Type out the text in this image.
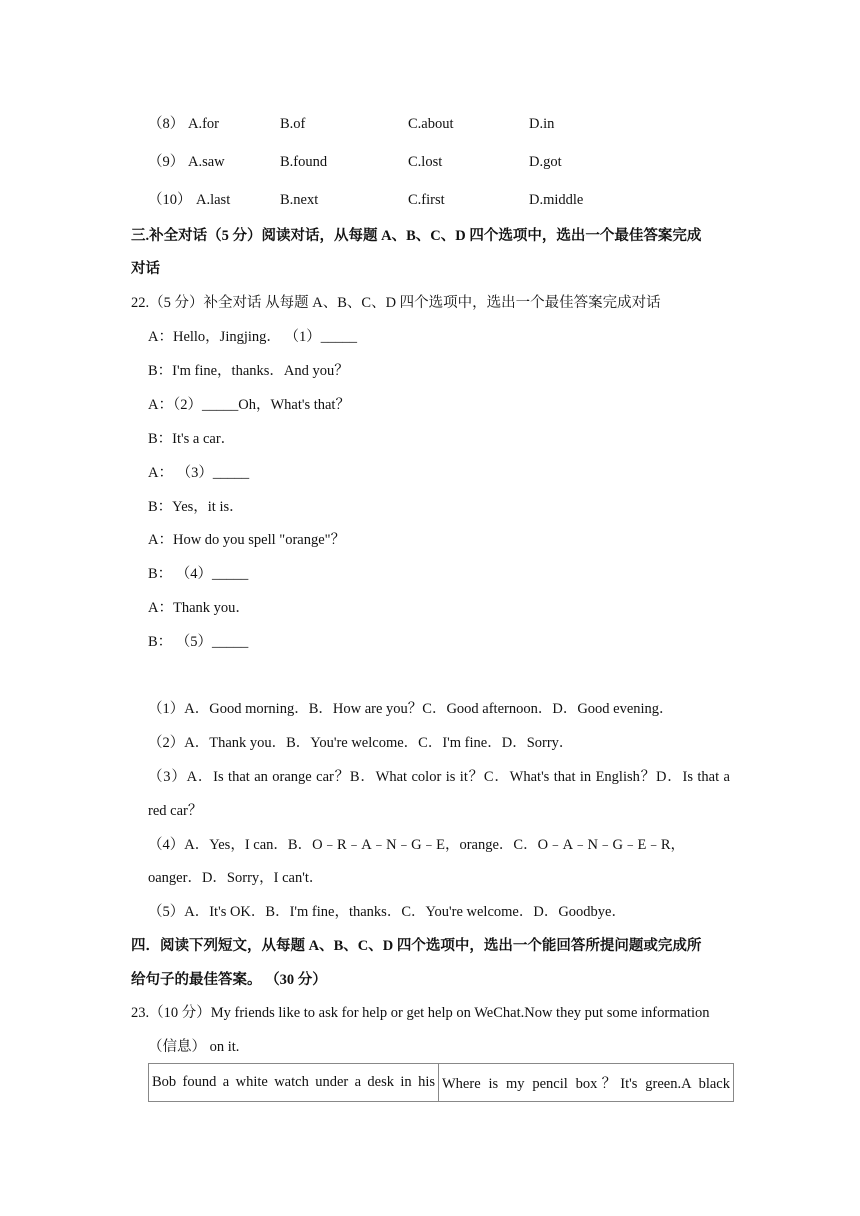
（8） A.for	B.of	C.about	D.in
（9） A.saw	B.found	C.lost	D.got
（10） A.last	B.next	C.first	D.middle
三.补全对话（5 分）阅读对话，从每题 A、B、C、D 四个选项中，选出一个最佳答案完成
对话
22.（5 分）补全对话 从每题 A、B、C、D 四个选项中，选出一个最佳答案完成对话
A：Hello，Jingjing． （1）_____
B：I'm fine，thanks．And you？
A：（2）_____Oh，What's that？
B：It's a car．
A： （3）_____
B：Yes，it is．
A：How do you spell "orange"？
B： （4）_____
A：Thank you．
B： （5）_____
（1）A．Good morning．B．How are you？C．Good afternoon．D．Good evening．
（2）A．Thank you．B．You're welcome．C．I'm fine．D．Sorry．
（3）A．Is that an orange car？B．What color is it？C．What's that in English？D．Is that a
red car？
（4）A．Yes，I can．B．O﹣R﹣A﹣N﹣G﹣E，orange．C．O﹣A﹣N﹣G﹣E﹣R，
oanger．D．Sorry，I can't．
（5）A．It's OK．B．I'm fine，thanks．C．You're welcome．D．Goodbye．
四．阅读下列短文，从每题 A、B、C、D 四个选项中，选出一个能回答所提问题或完成所
给句子的最佳答案。 （30 分）
23.（10 分）My friends like to ask for help or get help on WeChat.Now they put some information
（信息） on it.
Bob found a white watch under a desk in his	Where is my pencil box？It's green.A black
